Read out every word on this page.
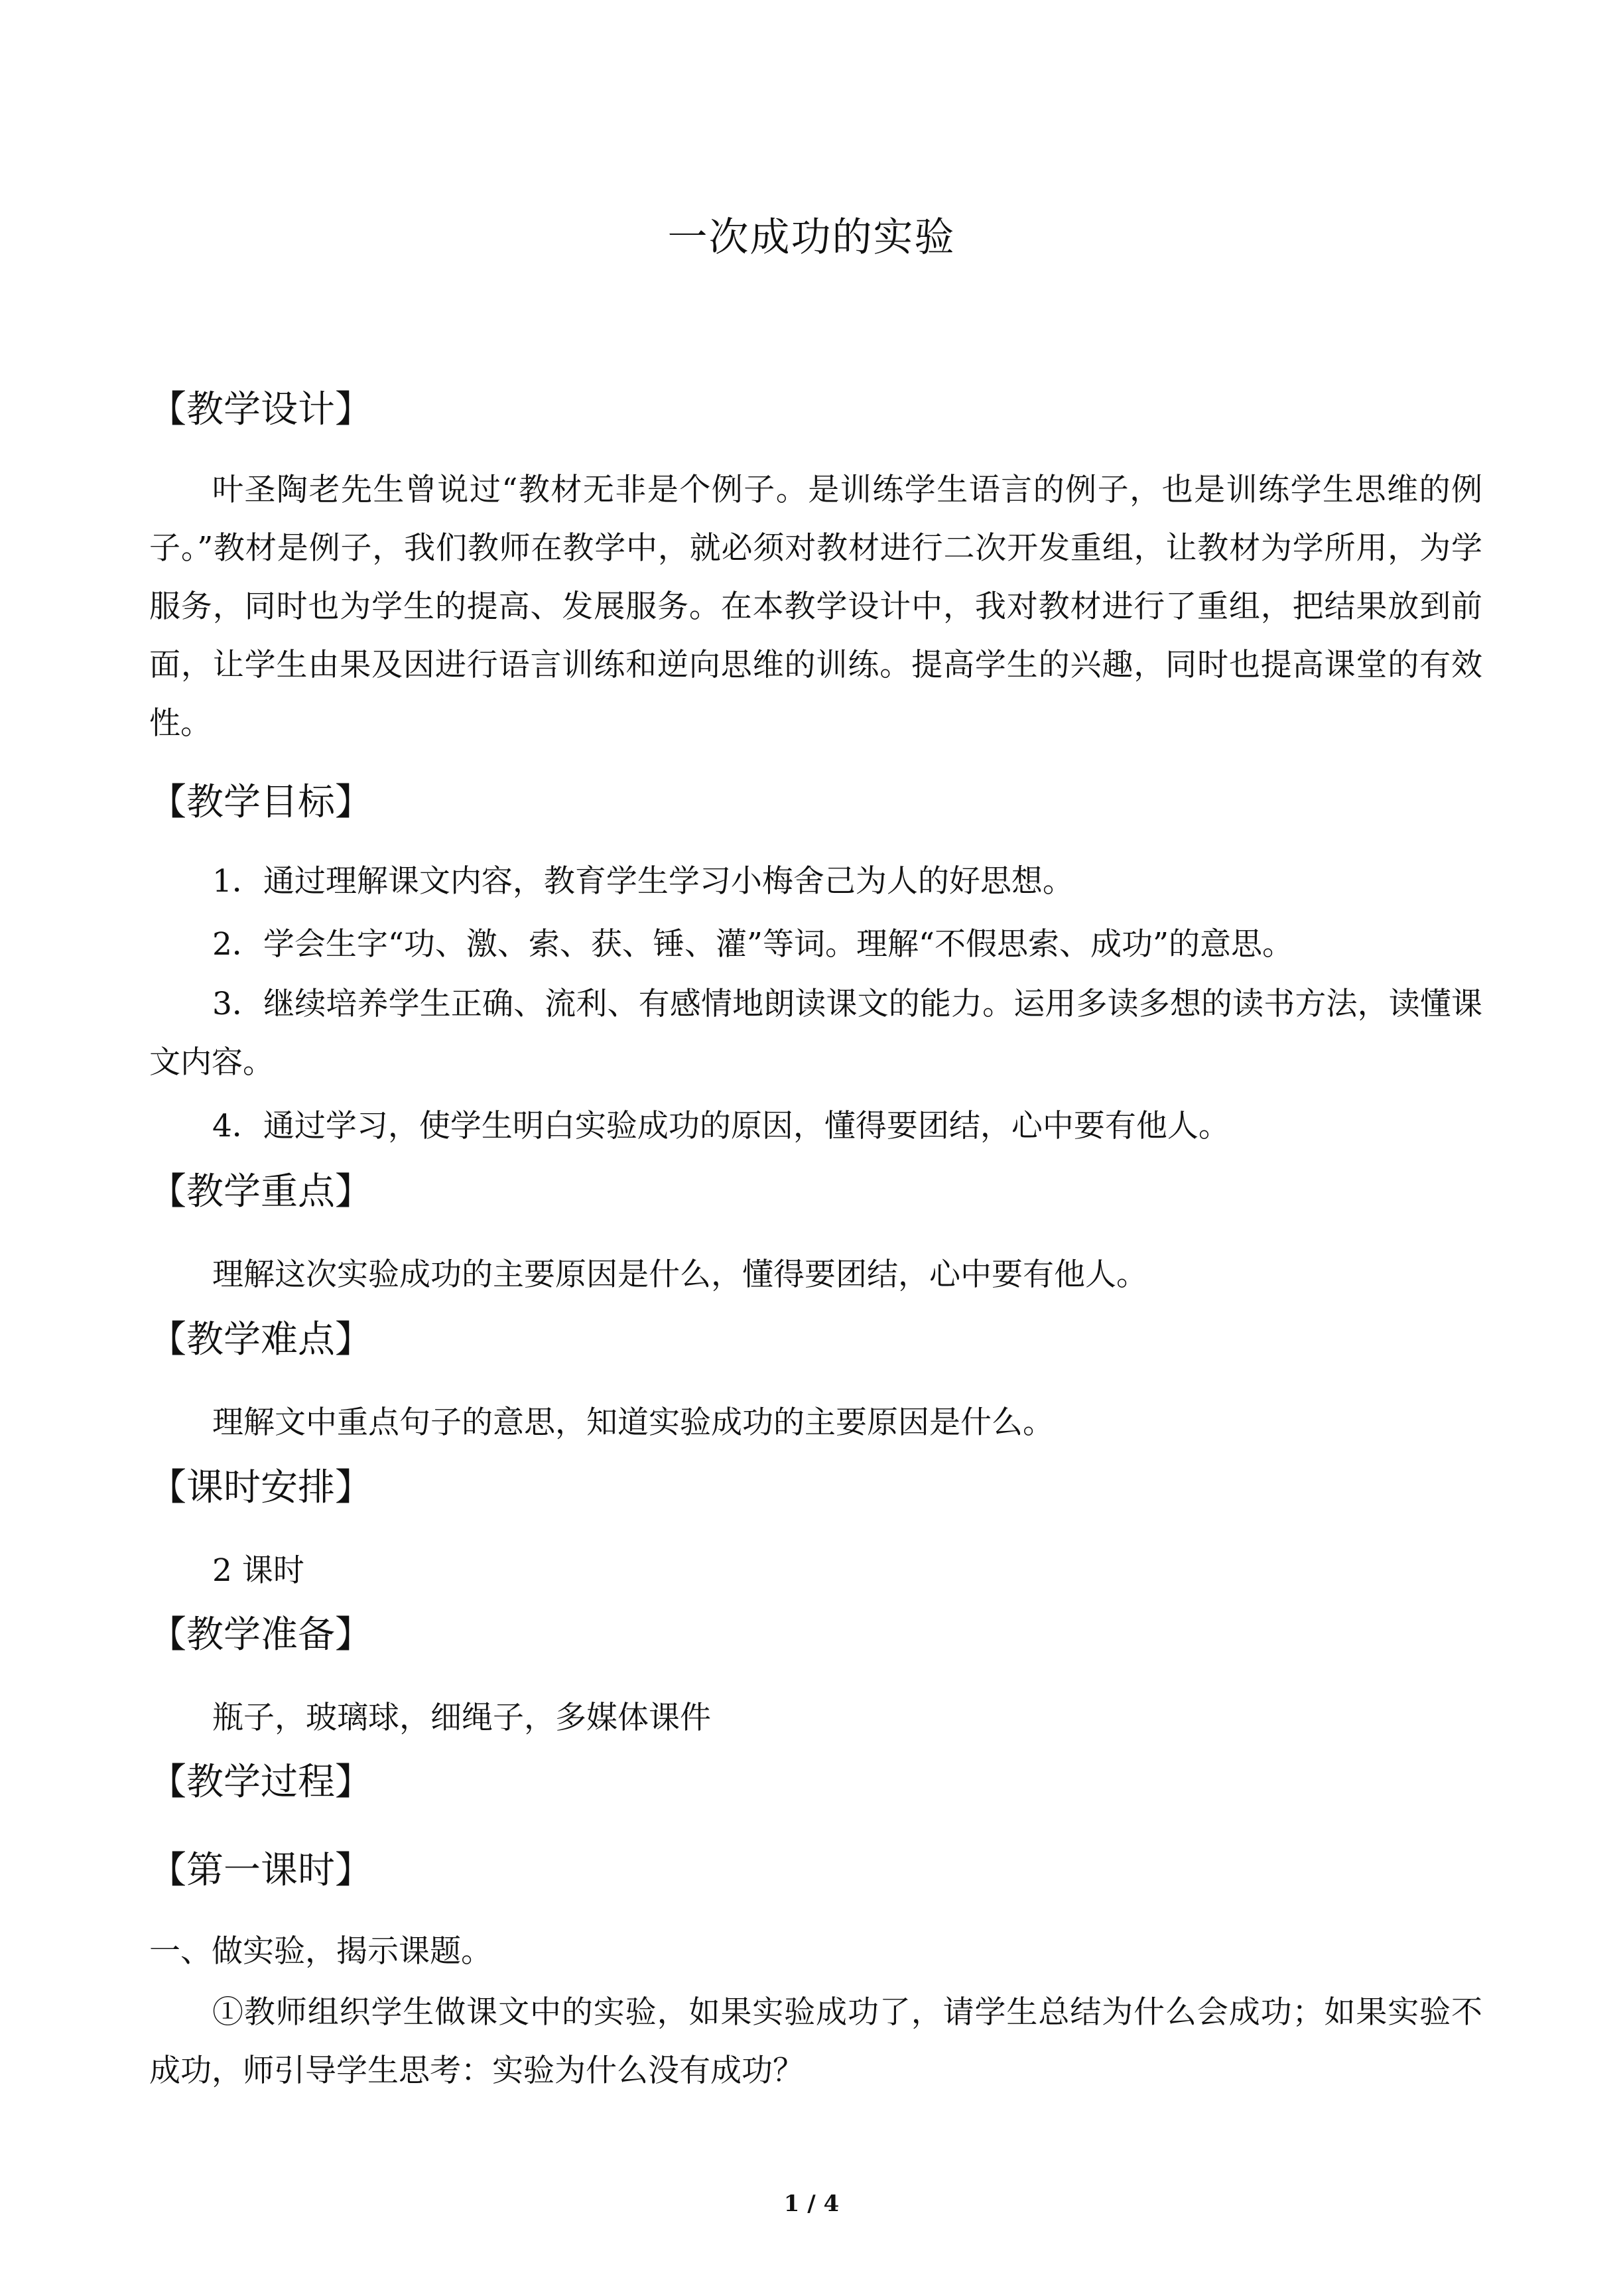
一次成功的实验
【教学设计】

叶圣陶老先生曾说过“教材无非是个例子。是训练学生语言的例子，也是训练学生思维的例子。”教材是例子，我们教师在教学中，就必须对教材进行二次开发重组，让教材为学所用，为学服务，同时也为学生的提高、发展服务。在本教学设计中，我对教材进行了重组，把结果放到前面，让学生由果及因进行语言训练和逆向思维的训练。提高学生的兴趣，同时也提高课堂的有效性。

【教学目标】
1．通过理解课文内容，教育学生学习小梅舍己为人的好思想。
2．学会生字“功、激、索、获、锤、灌”等词。理解“不假思索、成功”的意思。

3．继续培养学生正确、流利、有感情地朗读课文的能力。运用多读多想的读书方法，读懂课文内容。

4．通过学习，使学生明白实验成功的原因，懂得要团结，心中要有他人。
【教学重点】
理解这次实验成功的主要原因是什么，懂得要团结，心中要有他人。
【教学难点】
理解文中重点句子的意思，知道实验成功的主要原因是什么。
【课时安排】
2 课时
【教学准备】
瓶子，玻璃球，细绳子，多媒体课件
【教学过程】
【第一课时】
一、做实验，揭示课题。

①教师组织学生做课文中的实验，如果实验成功了，请学生总结为什么会成功；如果实验不成功，师引导学生思考：实验为什么没有成功？

1 / 4
